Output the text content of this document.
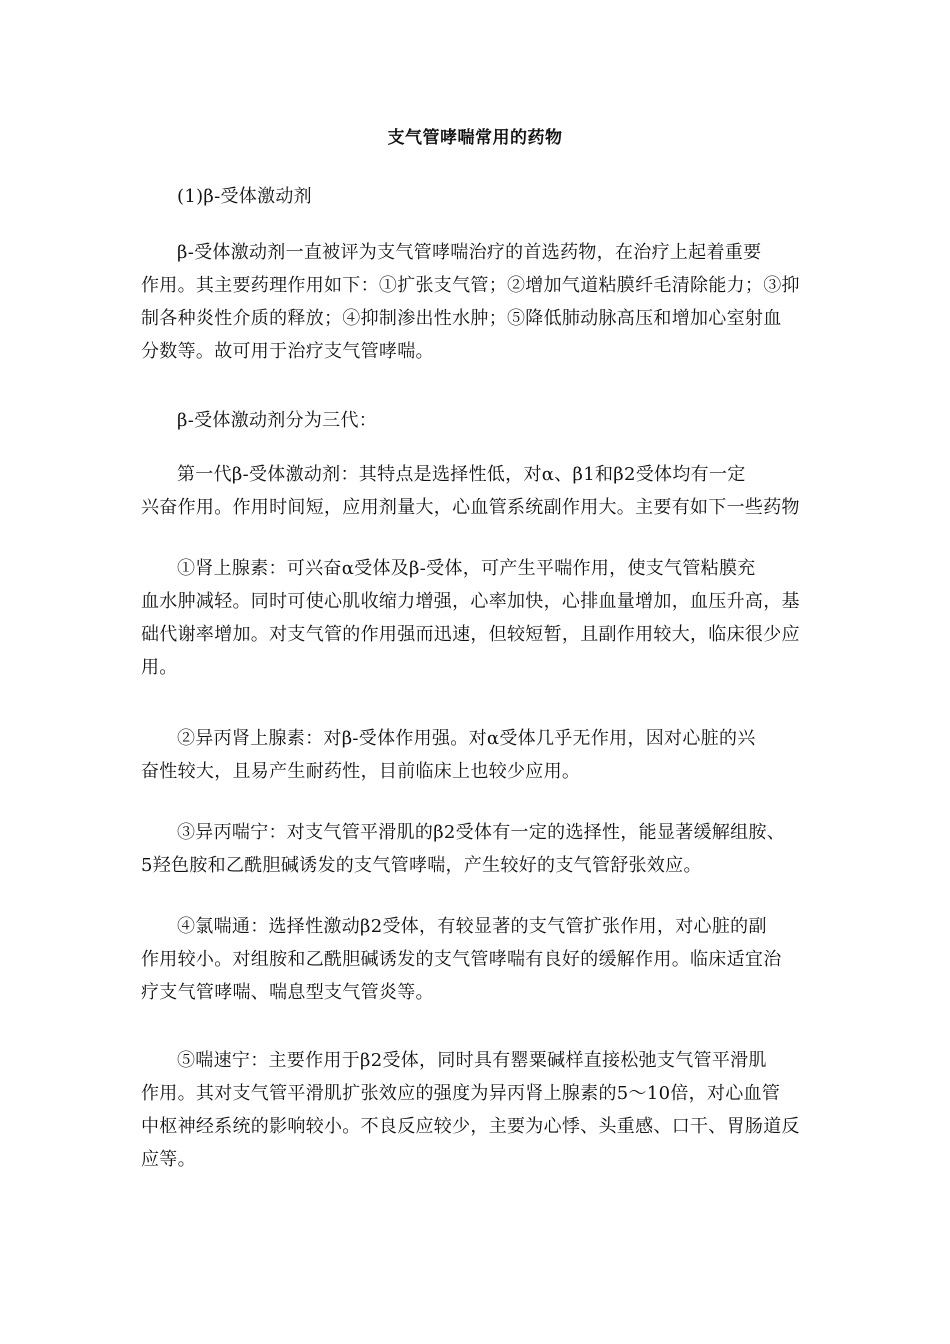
支气管哮喘常用的药物
(1)β-受体激动剂
β-受体激动剂一直被评为支气管哮喘治疗的首选药物，在治疗上起着重要
作用。其主要药理作用如下：①扩张支气管；②增加气道粘膜纤毛清除能力；③抑
制各种炎性介质的释放；④抑制渗出性水肿；⑤降低肺动脉高压和增加心室射血
分数等。故可用于治疗支气管哮喘。
β-受体激动剂分为三代：
第一代β-受体激动剂：其特点是选择性低，对α、β1和β2受体均有一定
兴奋作用。作用时间短，应用剂量大，心血管系统副作用大。主要有如下一些药物
①肾上腺素：可兴奋α受体及β-受体，可产生平喘作用，使支气管粘膜充
血水肿减轻。同时可使心肌收缩力增强，心率加快，心排血量增加，血压升高，基
础代谢率增加。对支气管的作用强而迅速，但较短暂，且副作用较大，临床很少应
用。
②异丙肾上腺素：对β-受体作用强。对α受体几乎无作用，因对心脏的兴
奋性较大，且易产生耐药性，目前临床上也较少应用。
③异丙喘宁：对支气管平滑肌的β2受体有一定的选择性，能显著缓解组胺、
5羟色胺和乙酰胆碱诱发的支气管哮喘，产生较好的支气管舒张效应。
④氯喘通：选择性激动β2受体，有较显著的支气管扩张作用，对心脏的副
作用较小。对组胺和乙酰胆碱诱发的支气管哮喘有良好的缓解作用。临床适宜治
疗支气管哮喘、喘息型支气管炎等。
⑤喘速宁：主要作用于β2受体，同时具有罂粟碱样直接松弛支气管平滑肌
作用。其对支气管平滑肌扩张效应的强度为异丙肾上腺素的5～10倍，对心血管
中枢神经系统的影响较小。不良反应较少，主要为心悸、头重感、口干、胃肠道反
应等。
